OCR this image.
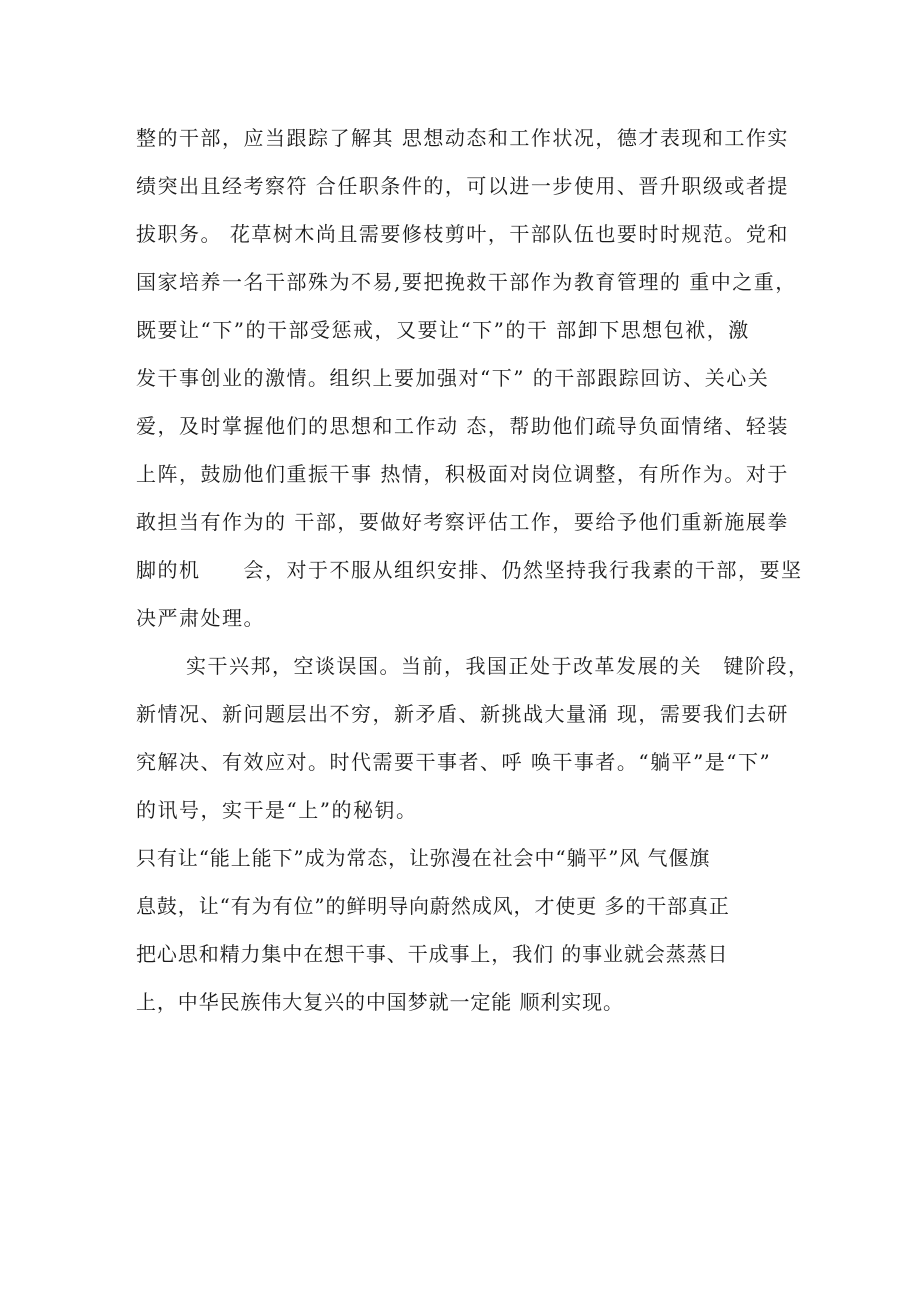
整的干部，应当跟踪了解其 思想动态和工作状况，德才表现和工作实
绩突出且经考察符 合任职条件的，可以进一步使用、晋升职级或者提
拔职务。 花草树木尚且需要修枝剪叶，干部队伍也要时时规范。党和
国家培养一名干部殊为不易,要把挽救干部作为教育管理的 重中之重，
既要让“下”的干部受惩戒，又要让“下”的干 部卸下思想包袱，激
发干事创业的激情。组织上要加强对“下” 的干部跟踪回访、关心关
爱，及时掌握他们的思想和工作动 态，帮助他们疏导负面情绪、轻装
上阵，鼓励他们重振干事 热情，积极面对岗位调整，有所作为。对于
敢担当有作为的 干部，要做好考察评估工作，要给予他们重新施展拳
脚的机　　会，对于不服从组织安排、仍然坚持我行我素的干部，要坚
决严肃处理。
实干兴邦，空谈误国。当前，我国正处于改革发展的关　键阶段，
新情况、新问题层出不穷，新矛盾、新挑战大量涌 现，需要我们去研
究解决、有效应对。时代需要干事者、呼 唤干事者。“躺平”是“下”
的讯号，实干是“上”的秘钥。
只有让“能上能下”成为常态，让弥漫在社会中“躺平”风 气偃旗
息鼓，让“有为有位”的鲜明导向蔚然成风，才使更 多的干部真正
把心思和精力集中在想干事、干成事上，我们 的事业就会蒸蒸日
上，中华民族伟大复兴的中国梦就一定能 顺利实现。
